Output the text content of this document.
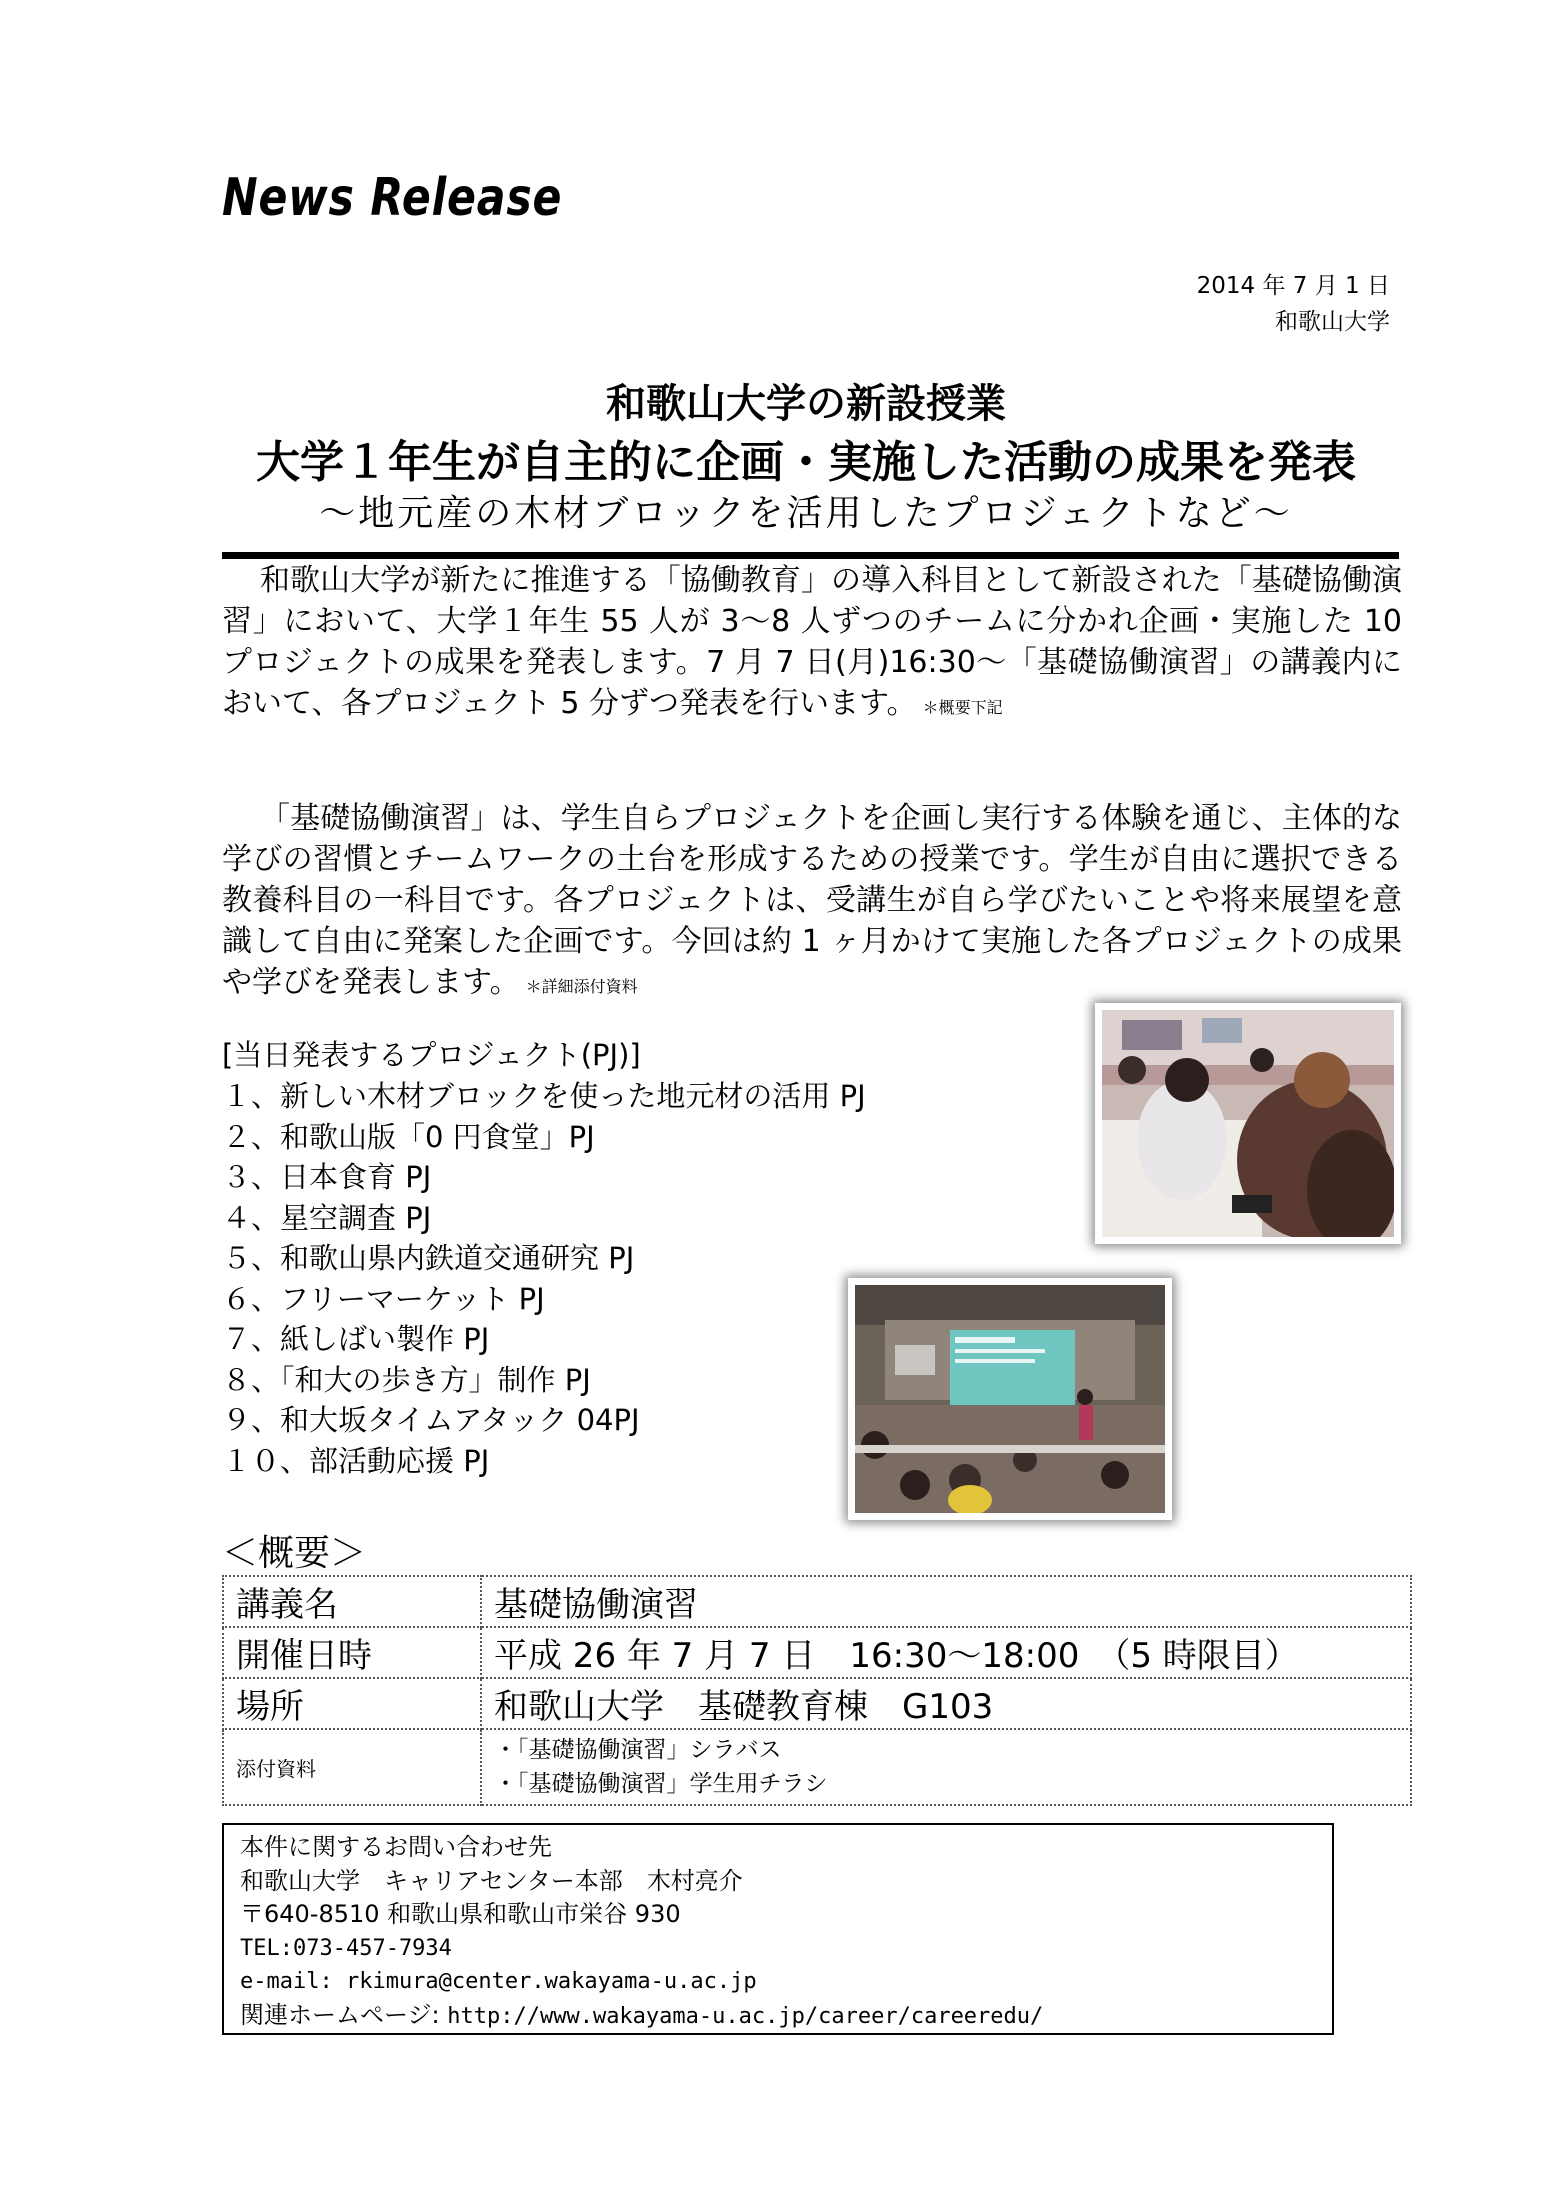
News Release
2014 年 7 月 1 日
和歌山大学
和歌山大学の新設授業
大学１年生が自主的に企画・実施した活動の成果を発表
～地元産の木材ブロックを活用したプロジェクトなど～
和歌山大学が新たに推進する「協働教育」の導入科目として新設された「基礎協働演習」において、大学１年生 55 人が 3～8 人ずつのチームに分かれ企画・実施した 10 プロジェクトの成果を発表します。7 月 7 日(月)16:30～「基礎協働演習」の講義内において、各プロジェクト 5 分ずつ発表を行います。 ＊概要下記
「基礎協働演習」は、学生自らプロジェクトを企画し実行する体験を通じ、主体的な学びの習慣とチームワークの土台を形成するための授業です。学生が自由に選択できる教養科目の一科目です。各プロジェクトは、受講生が自ら学びたいことや将来展望を意識して自由に発案した企画です。今回は約 1 ヶ月かけて実施した各プロジェクトの成果や学びを発表します。 ＊詳細添付資料
[当日発表するプロジェクト(PJ)]
１、新しい木材ブロックを使った地元材の活用 PJ
２、和歌山版「0 円食堂」PJ
３、日本食育 PJ
４、星空調査 PJ
５、和歌山県内鉄道交通研究 PJ
６、フリーマーケット PJ
７、紙しばい製作 PJ
８、「和大の歩き方」制作 PJ
９、和大坂タイムアタック 04PJ
１０、部活動応援 PJ
＜概要＞
講義名	基礎協働演習
開催日時	平成 26 年 7 月 7 日　16:30～18:00　（5 時限目）
場所	和歌山大学　基礎教育棟　G103
添付資料	・「基礎協働演習」シラバス
・「基礎協働演習」学生用チラシ
本件に関するお問い合わせ先
和歌山大学　キャリアセンター本部　木村亮介
〒640-8510 和歌山県和歌山市栄谷 930
TEL:073-457-7934
e-mail: rkimura@center.wakayama-u.ac.jp
関連ホームページ: http://www.wakayama-u.ac.jp/career/careeredu/
